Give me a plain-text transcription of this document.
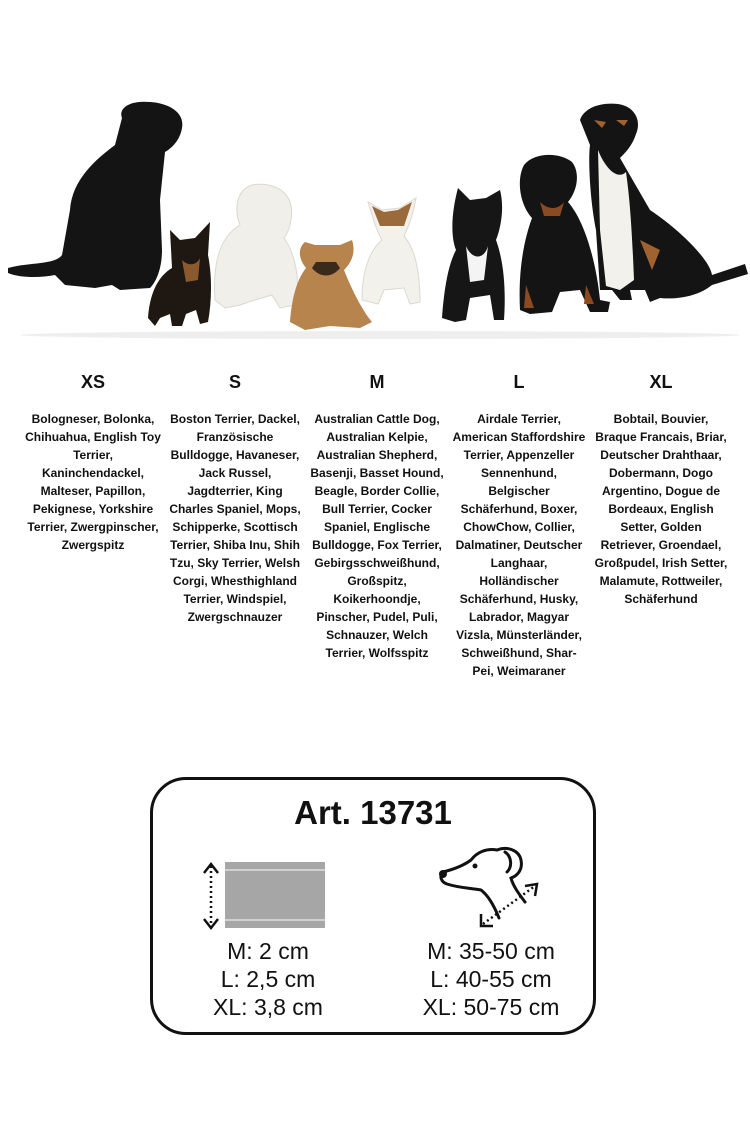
XS

Bologneser, Bolonka, Chihuahua, English Toy Terrier, Kaninchendackel, Malteser, Papillon, Pekignese, Yorkshire Terrier, Zwergpinscher, Zwergspitz

S

Boston Terrier, Dackel, Französische Bulldogge, Havaneser, Jack Russel, Jagdterrier, King Charles Spaniel, Mops, Schipperke, Scottisch Terrier, Shiba Inu, Shih Tzu, Sky Terrier, Welsh Corgi, Whesthighland Terrier, Windspiel, Zwergschnauzer

M

Australian Cattle Dog, Australian Kelpie, Australian Shepherd, Basenji, Basset Hound, Beagle, Border Collie, Bull Terrier, Cocker Spaniel, Englische Bulldogge, Fox Terrier, Gebirgsschweißhund, Großspitz, Koikerhoondje, Pinscher, Pudel, Puli, Schnauzer, Welch Terrier, Wolfsspitz

L

Airdale Terrier, American Staffordshire Terrier, Appenzeller Sennenhund, Belgischer Schäferhund, Boxer, ChowChow, Collier, Dalmatiner, Deutscher Langhaar, Holländischer Schäferhund, Husky, Labrador, Magyar Vizsla, Münsterländer, Schweißhund, Shar-Pei, Weimaraner

XL

Bobtail, Bouvier, Braque Francais, Briar, Deutscher Drahthaar, Dobermann, Dogo Argentino, Dogue de Bordeaux, English Setter, Golden Retriever, Groendael, Großpudel, Irish Setter, Malamute, Rottweiler, Schäferhund

Art. 13731
M: 2 cm
L: 2,5 cm
XL: 3,8 cm
M: 35-50 cm
L: 40-55 cm
XL: 50-75 cm
